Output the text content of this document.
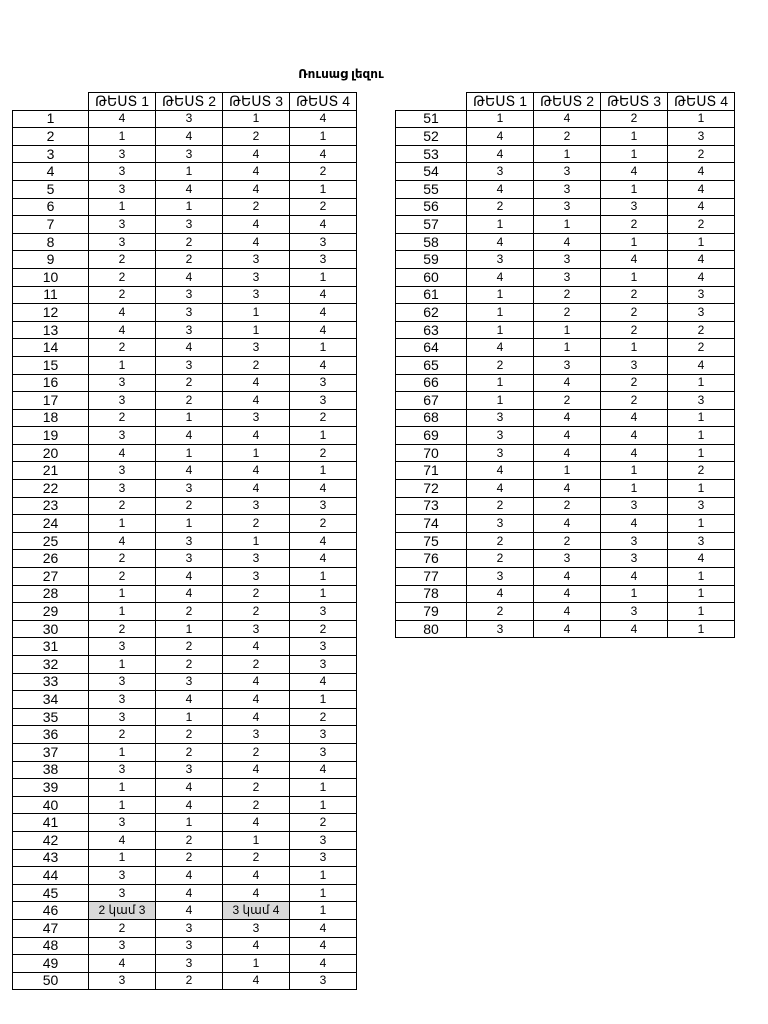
Ռուսաց լեզու
	ԹԵՍՏ 1	ԹԵՍՏ 2	ԹԵՍՏ 3	ԹԵՍՏ 4
1	4	3	1	4
2	1	4	2	1
3	3	3	4	4
4	3	1	4	2
5	3	4	4	1
6	1	1	2	2
7	3	3	4	4
8	3	2	4	3
9	2	2	3	3
10	2	4	3	1
11	2	3	3	4
12	4	3	1	4
13	4	3	1	4
14	2	4	3	1
15	1	3	2	4
16	3	2	4	3
17	3	2	4	3
18	2	1	3	2
19	3	4	4	1
20	4	1	1	2
21	3	4	4	1
22	3	3	4	4
23	2	2	3	3
24	1	1	2	2
25	4	3	1	4
26	2	3	3	4
27	2	4	3	1
28	1	4	2	1
29	1	2	2	3
30	2	1	3	2
31	3	2	4	3
32	1	2	2	3
33	3	3	4	4
34	3	4	4	1
35	3	1	4	2
36	2	2	3	3
37	1	2	2	3
38	3	3	4	4
39	1	4	2	1
40	1	4	2	1
41	3	1	4	2
42	4	2	1	3
43	1	2	2	3
44	3	4	4	1
45	3	4	4	1
46	2 կամ 3	4	3 կամ 4	1
47	2	3	3	4
48	3	3	4	4
49	4	3	1	4
50	3	2	4	3
	ԹԵՍՏ 1	ԹԵՍՏ 2	ԹԵՍՏ 3	ԹԵՍՏ 4
51	1	4	2	1
52	4	2	1	3
53	4	1	1	2
54	3	3	4	4
55	4	3	1	4
56	2	3	3	4
57	1	1	2	2
58	4	4	1	1
59	3	3	4	4
60	4	3	1	4
61	1	2	2	3
62	1	2	2	3
63	1	1	2	2
64	4	1	1	2
65	2	3	3	4
66	1	4	2	1
67	1	2	2	3
68	3	4	4	1
69	3	4	4	1
70	3	4	4	1
71	4	1	1	2
72	4	4	1	1
73	2	2	3	3
74	3	4	4	1
75	2	2	3	3
76	2	3	3	4
77	3	4	4	1
78	4	4	1	1
79	2	4	3	1
80	3	4	4	1
